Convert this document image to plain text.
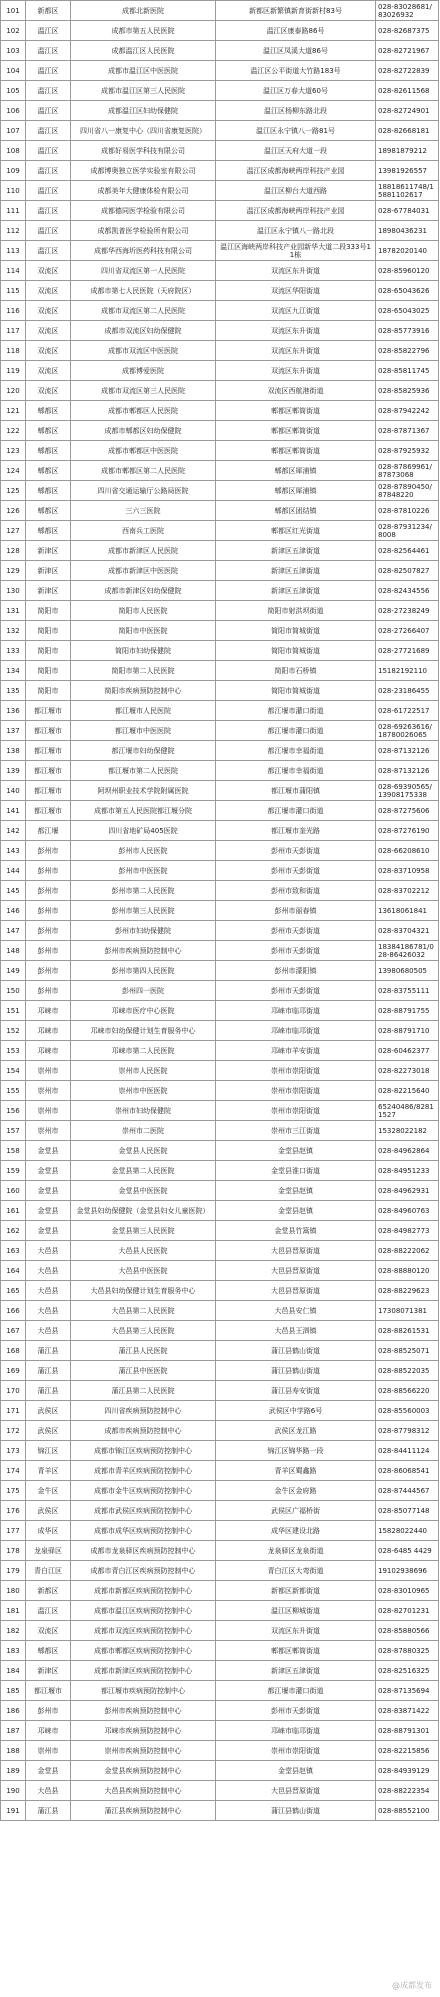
101	新都区	成都北新医院	新都区新繁镇新育街新村83号	028-83028681/83026932
102	温江区	成都市第五人民医院	温江区康泰路86号	028-82687375
103	温江区	成都温江区人民医院	温江区凤溪大道86号	028-82721967
104	温江区	成都市温江区中医医院	温江区公平街道大竹路183号	028-82722839
105	温江区	成都市温江区第三人民医院	温江区万春大道60号	028-82611568
106	温江区	成都温江区妇幼保健院	温江区杨柳东路北段	028-82724901
107	温江区	四川省八一康复中心（四川省康复医院）	温江区永宁镇八一路81号	028-82668181
108	温江区	成都好易医学科技有限公司	温江区天府大道一段	18981879212
109	温江区	成都博奥独立医学实验室有限公司	温江区成都海峡两岸科技产业园	13981926557
110	温江区	成都美年大健康体检有限公司	温江区柳台大道西路	18818611748/15881102617
111	温江区	成都德同医学检验有限公司	温江区成都海峡两岸科技产业园	028-67784031
112	温江区	成都凯普医学检验所有限公司	温江区永宁镇八一路北段	18980436231
113	温江区	成都华西海圻医药科技有限公司	温江区海峡两岸科技产业园新华大道二段333号11栋	18782020140
114	双流区	四川省双流区第一人民医院	双流区东升街道	028-85960120
115	双流区	成都市第七人民医院（天府院区）	双流区华阳街道	028-65043626
116	双流区	成都市双流区第二人民医院	双流区九江街道	028-65043025
117	双流区	成都市双流区妇幼保健院	双流区东升街道	028-85773916
118	双流区	成都市双流区中医医院	双流区东升街道	028-85822796
119	双流区	成都博爱医院	双流区东升街道	028-85811745
120	双流区	成都市双流区第三人民医院	双流区西航港街道	028-85825936
121	郫都区	成都市郫都区人民医院	郫都区郫筒街道	028-87942242
122	郫都区	成都市郫都区妇幼保健院	郫都区郫筒街道	028-87871367
123	郫都区	成都市郫都区中医医院	郫都区郫筒街道	028-87925932
124	郫都区	成都市郫都区第二人民医院	郫都区犀浦镇	028-87869961/87873068
125	郫都区	四川省交通运输厅公路局医院	郫都区犀浦镇	028-87890450/87848220
126	郫都区	三六三医院	郫都区团结镇	028-87810226
127	郫都区	西南兵工医院	郫都区红光街道	028-87931234/8008
128	新津区	成都市新津区人民医院	新津区五津街道	028-82564461
129	新津区	成都市新津区中医医院	新津区五津街道	028-82507827
130	新津区	成都市新津区妇幼保健院	新津区五津街道	028-82434556
131	简阳市	简阳市人民医院	简阳市射洪坝街道	028-27238249
132	简阳市	简阳市中医医院	简阳市简城街道	028-27266407
133	简阳市	简阳市妇幼保健院	简阳市简城街道	028-27721689
134	简阳市	简阳市第二人民医院	简阳市石桥镇	15182192110
135	简阳市	简阳市疾病预防控制中心	简阳市简城街道	028-23186455
136	都江堰市	都江堰市人民医院	都江堰市灌口街道	028-61722517
137	都江堰市	都江堰市中医医院	都江堰市灌口街道	028-69263616/18780026065
138	都江堰市	都江堰市妇幼保健院	都江堰市幸福街道	028-87132126
139	都江堰市	都江堰市第二人民医院	都江堰市幸福街道	028-87132126
140	都江堰市	阿坝州职业技术学院附属医院	都江堰市蒲阳镇	028-69390565/13908175338
141	都江堰市	成都市第五人民医院都江堰分院	都江堰市灌口街道	028-87275606
142	都江堰	四川省地矿局405医院	都江堰市奎光路	028-87276190
143	彭州市	彭州市人民医院	彭州市天彭街道	028-66208610
144	彭州市	彭州市中医医院	彭州市天彭街道	028-83710958
145	彭州市	彭州市第二人民医院	彭州市致和街道	028-83702212
146	彭州市	彭州市第三人民医院	彭州市丽春镇	13618061841
147	彭州市	彭州市妇幼保健院	彭州市天彭街道	028-83704321
148	彭州市	彭州市疾病预防控制中心	彭州市天彭街道	18384186781/028-86426032
149	彭州市	彭州市第四人民医院	彭州市濛阳镇	13980680505
150	彭州市	彭州四一医院	彭州市天彭街道	028-83755111
151	邛崃市	邛崃市医疗中心医院	邛崃市临邛街道	028-88791755
152	邛崃市	邛崃市妇幼保健计划生育服务中心	邛崃市临邛街道	028-88791710
153	邛崃市	邛崃市第二人民医院	邛崃市羊安街道	028-60462377
154	崇州市	崇州市人民医院	崇州市崇阳街道	028-82273018
155	崇州市	崇州市中医医院	崇州市崇阳街道	028-82215640
156	崇州市	崇州市妇幼保健院	崇州市崇阳街道	65240486/82811527
157	崇州市	崇州市二医院	崇州市三江街道	15328022182
158	金堂县	金堂县人民医院	金堂县赵镇	028-84962864
159	金堂县	金堂县第二人民医院	金堂县淮口街道	028-84951233
160	金堂县	金堂县中医医院	金堂县赵镇	028-84962931
161	金堂县	金堂县妇幼保健院（金堂县妇女儿童医院）	金堂县赵镇	028-84960763
162	金堂县	金堂县第三人民医院	金堂县竹篙镇	028-84982773
163	大邑县	大邑县人民医院	大邑县晋原街道	028-88222062
164	大邑县	大邑县中医医院	大邑县晋原街道	028-88880120
165	大邑县	大邑县妇幼保健计划生育服务中心	大邑县晋原街道	028-88229623
166	大邑县	大邑县第二人民医院	大邑县安仁镇	17308071381
167	大邑县	大邑县第三人民医院	大邑县王泗镇	028-88261531
168	蒲江县	蒲江县人民医院	蒲江县鹤山街道	028-88525071
169	蒲江县	蒲江县中医医院	蒲江县鹤山街道	028-88522035
170	蒲江县	蒲江县第二人民医院	蒲江县寿安街道	028-88566220
171	武侯区	四川省疾病预防控制中心	武侯区中学路6号	028-85560003
172	武侯区	成都市疾病预防控制中心	武侯区龙江路	028-87798312
173	锦江区	成都市锦江区疾病预防控制中心	锦江区锦华路一段	028-84411124
174	青羊区	成都市青羊区疾病预防控制中心	青羊区蜀鑫路	028-86068541
175	金牛区	成都市金牛区疾病预防控制中心	金牛区金府路	028-87444567
176	武侯区	成都市武侯区疾病预防控制中心	武侯区广福桥街	028-85077148
177	成华区	成都市成华区疾病预防控制中心	成华区建设北路	15828022440
178	龙泉驿区	成都市龙泉驿区疾病预防控制中心	龙泉驿区龙泉街道	028-6485 4429
179	青白江区	成都市青白江区疾病预防控制中心	青白江区大弯街道	19102938696
180	新都区	成都市新都区疾病预防控制中心	新都区新都街道	028-83010965
181	温江区	成都市温江区疾病预防控制中心	温江区柳城街道	028-82701231
182	双流区	成都市双流区疾病预防控制中心	双流区东升街道	028-85880566
183	郫都区	成都市郫都区疾病预防控制中心	郫都区郫筒街道	028-87880325
184	新津区	成都市新津区疾病预防控制中心	新津区五津街道	028-82516325
185	都江堰市	都江堰市疾病预防控制中心	都江堰市灌口街道	028-87135694
186	彭州市	彭州市疾病预防控制中心	彭州市天彭街道	028-83871422
187	邛崃市	邛崃市疾病预防控制中心	邛崃市临邛街道	028-88791301
188	崇州市	崇州市疾病预防控制中心	崇州市崇阳街道	028-82215856
189	金堂县	金堂县疾病预防控制中心	金堂县赵镇	028-84939129
190	大邑县	大邑县疾病预防控制中心	大邑县晋原街道	028-88222354
191	蒲江县	蒲江县疾病预防控制中心	蒲江县鹤山街道	028-88552100
@成都发布
